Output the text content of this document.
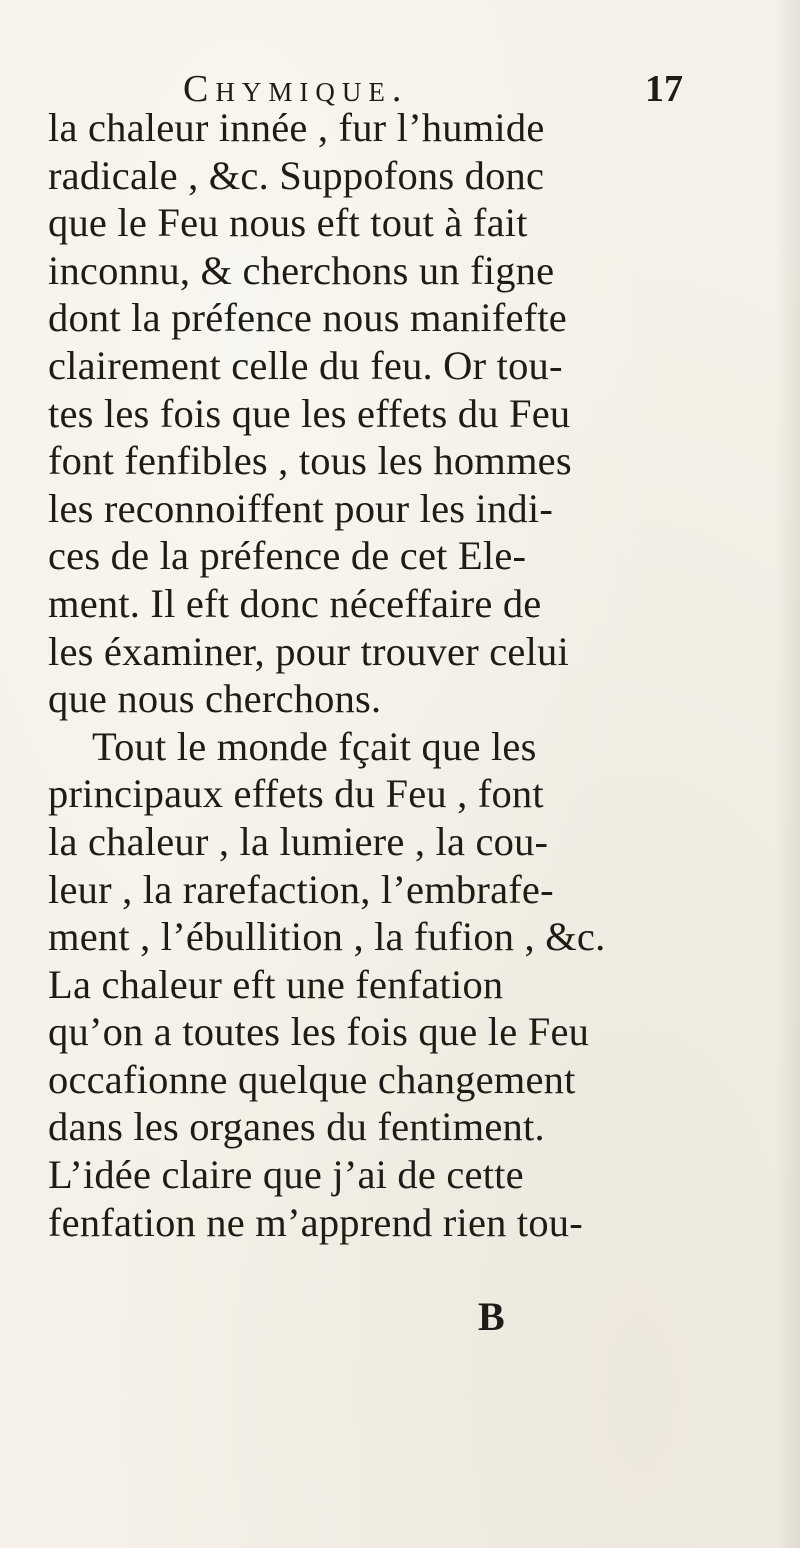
Chymique.	17
la chaleur innée , fur l’humide
radicale , &c. Suppofons donc
que le Feu nous eft tout à fait
inconnu, & cherchons un figne
dont la préfence nous manifefte
clairement celle du feu. Or tou-
tes les fois que les effets du Feu
font fenfibles , tous les hommes
les reconnoiffent pour les indi-
ces de la préfence de cet Ele-
ment. Il eft donc néceffaire de
les éxaminer, pour trouver celui
que nous cherchons.
Tout le monde fçait que les
principaux effets du Feu , font
la chaleur , la lumiere , la cou-
leur , la rarefaction, l’embrafe-
ment , l’ébullition , la fufion , &c.
La chaleur eft une fenfation
qu’on a toutes les fois que le Feu
occafionne quelque changement
dans les organes du fentiment.
L’idée claire que j’ai de cette
fenfation ne m’apprend rien tou-
B
